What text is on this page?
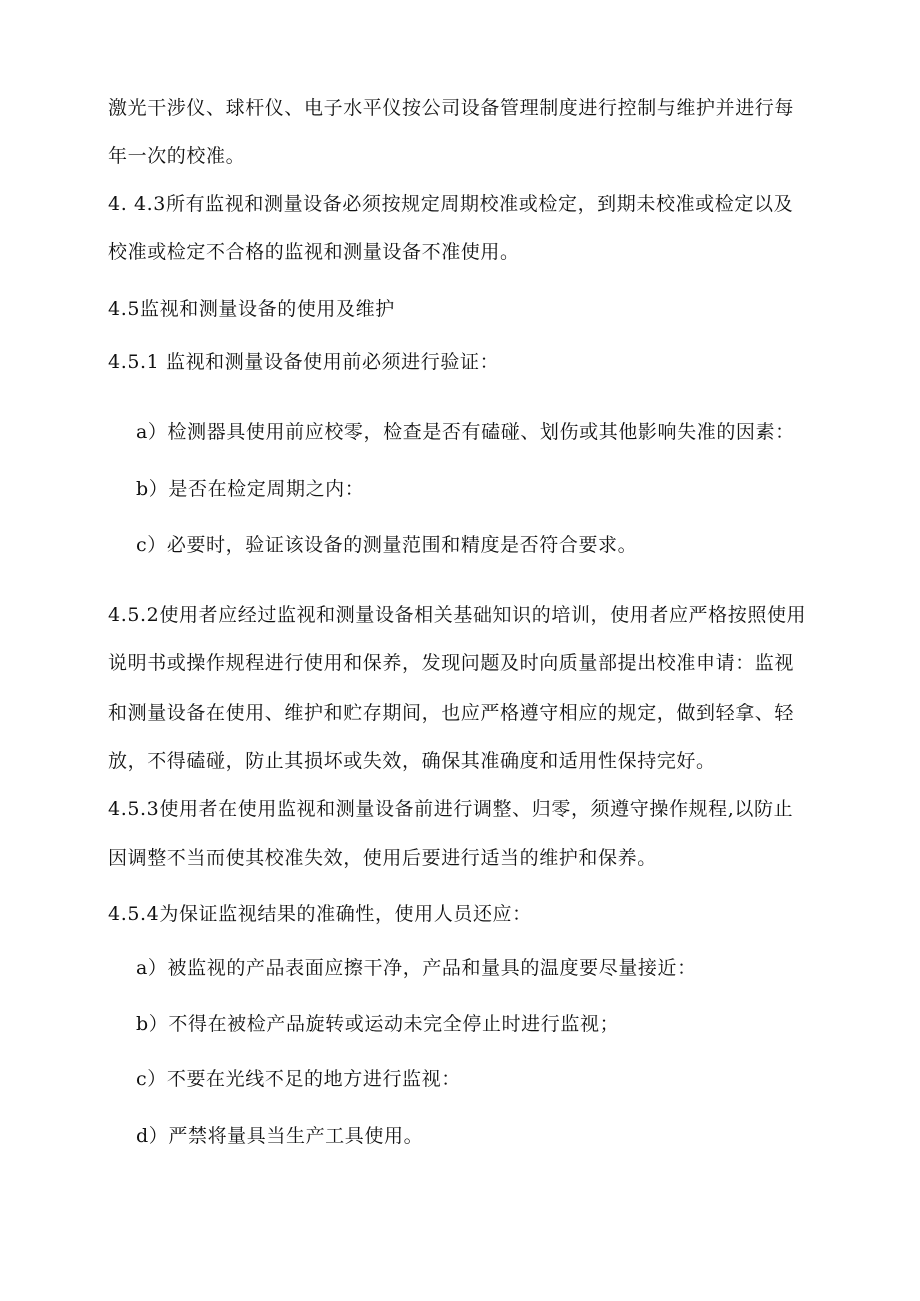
激光干涉仪、球杆仪、电子水平仪按公司设备管理制度进行控制与维护并进行每
年一次的校准。
4. 4.3所有监视和测量设备必须按规定周期校准或检定，到期未校准或检定以及
校准或检定不合格的监视和测量设备不准使用。
4.5监视和测量设备的使用及维护
4.5.1 监视和测量设备使用前必须进行验证：
a）检测器具使用前应校零，检查是否有磕碰、划伤或其他影响失准的因素：
b）是否在检定周期之内：
c）必要时，验证该设备的测量范围和精度是否符合要求。
4.5.2使用者应经过监视和测量设备相关基础知识的培训，使用者应严格按照使用
说明书或操作规程进行使用和保养，发现问题及时向质量部提出校准申请：监视
和测量设备在使用、维护和贮存期间，也应严格遵守相应的规定，做到轻拿、轻
放，不得磕碰，防止其损坏或失效，确保其准确度和适用性保持完好。
4.5.3使用者在使用监视和测量设备前进行调整、归零，须遵守操作规程,以防止
因调整不当而使其校准失效，使用后要进行适当的维护和保养。
4.5.4为保证监视结果的准确性，使用人员还应：
a）被监视的产品表面应擦干净，产品和量具的温度要尽量接近：
b）不得在被检产品旋转或运动未完全停止时进行监视；
c）不要在光线不足的地方进行监视：
d）严禁将量具当生产工具使用。
